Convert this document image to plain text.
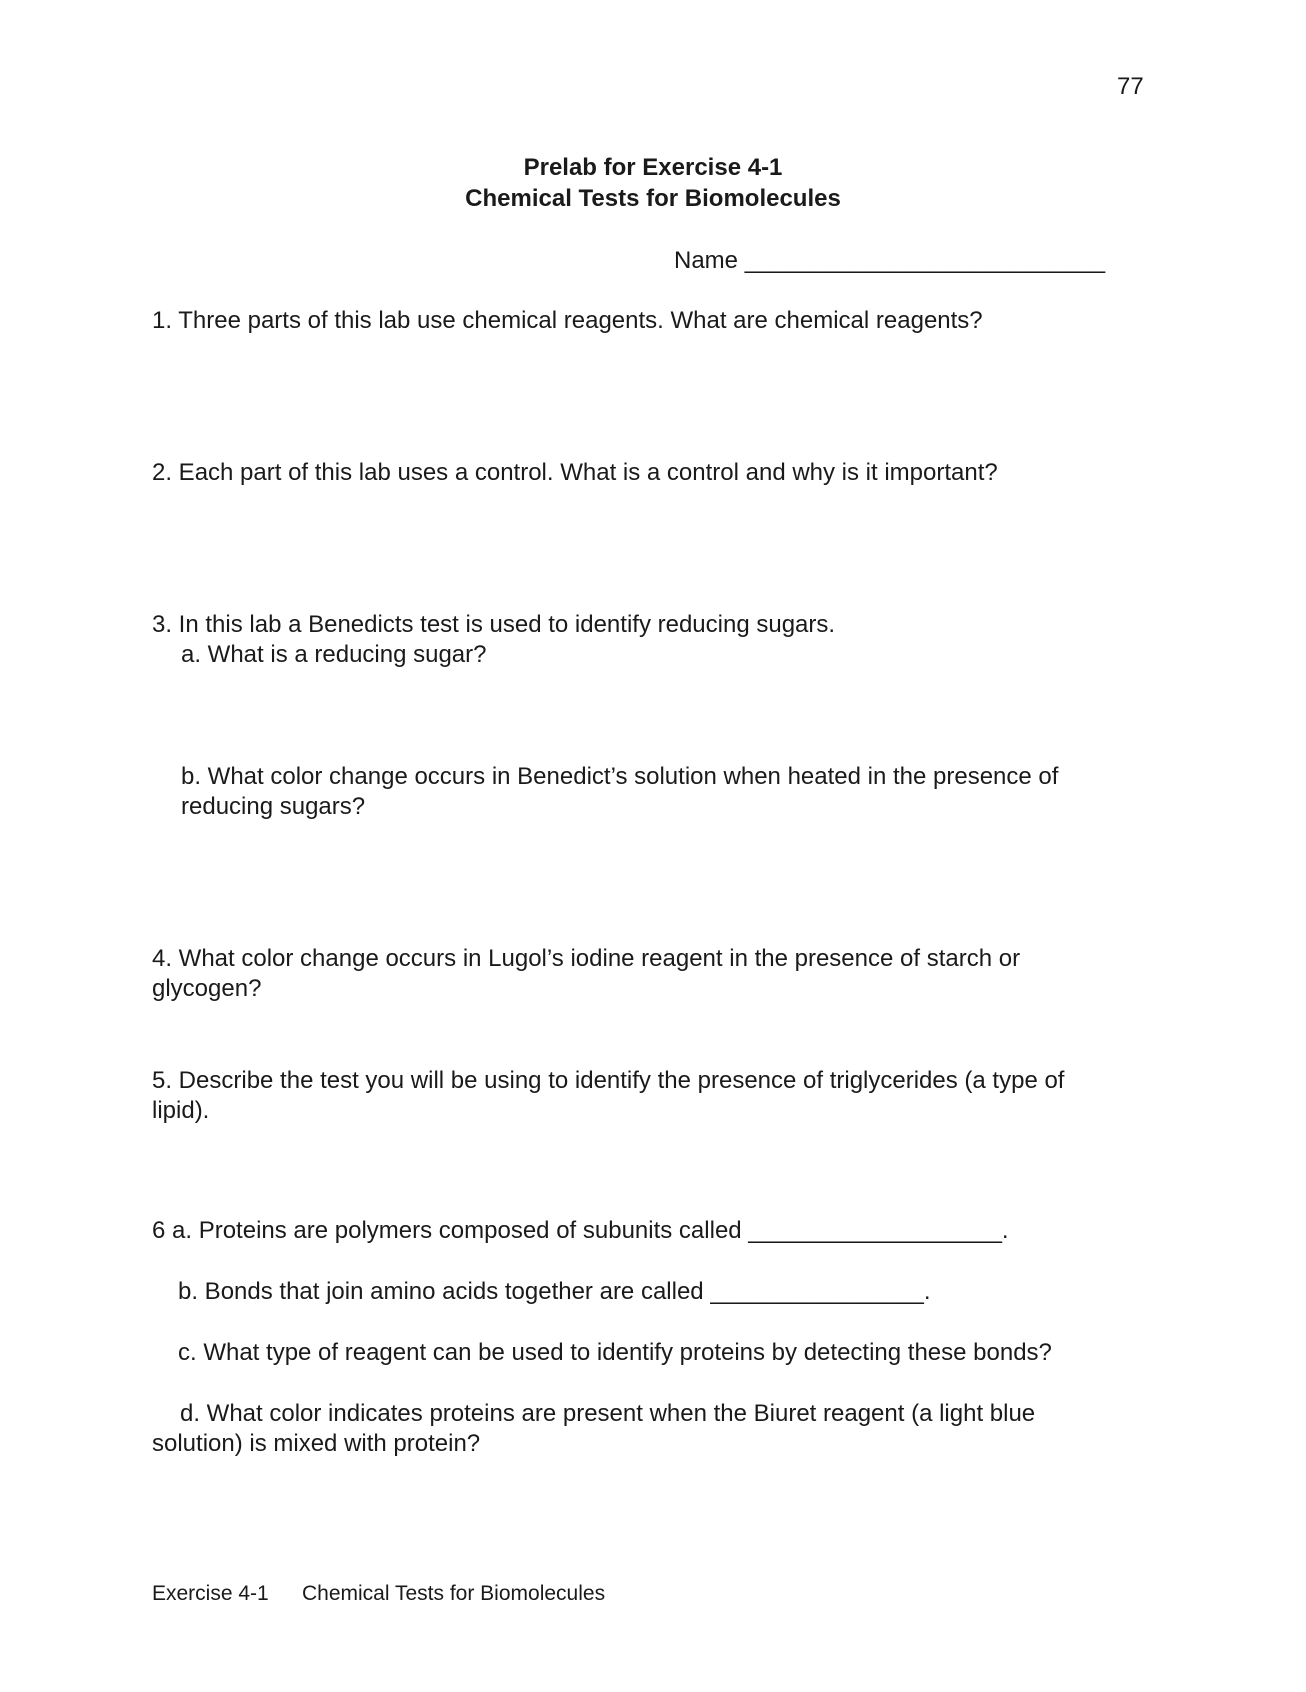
77
Prelab for Exercise 4-1
Chemical Tests for Biomolecules
Name ___________________________
1. Three parts of this lab use chemical reagents. What are chemical reagents?
2. Each part of this lab uses a control. What is a control and why is it important?
3. In this lab a Benedicts test is used to identify reducing sugars.
a. What is a reducing sugar?
b. What color change occurs in Benedict’s solution when heated in the presence of
reducing sugars?
4. What color change occurs in Lugol’s iodine reagent in the presence of starch or
glycogen?
5. Describe the test you will be using to identify the presence of triglycerides (a type of
lipid).
6 a. Proteins are polymers composed of subunits called ___________________.
b. Bonds that join amino acids together are called ________________.
c. What type of reagent can be used to identify proteins by detecting these bonds?
d. What color indicates proteins are present when the Biuret reagent (a light blue
solution) is mixed with protein?
Exercise 4-1 Chemical Tests for Biomolecules
